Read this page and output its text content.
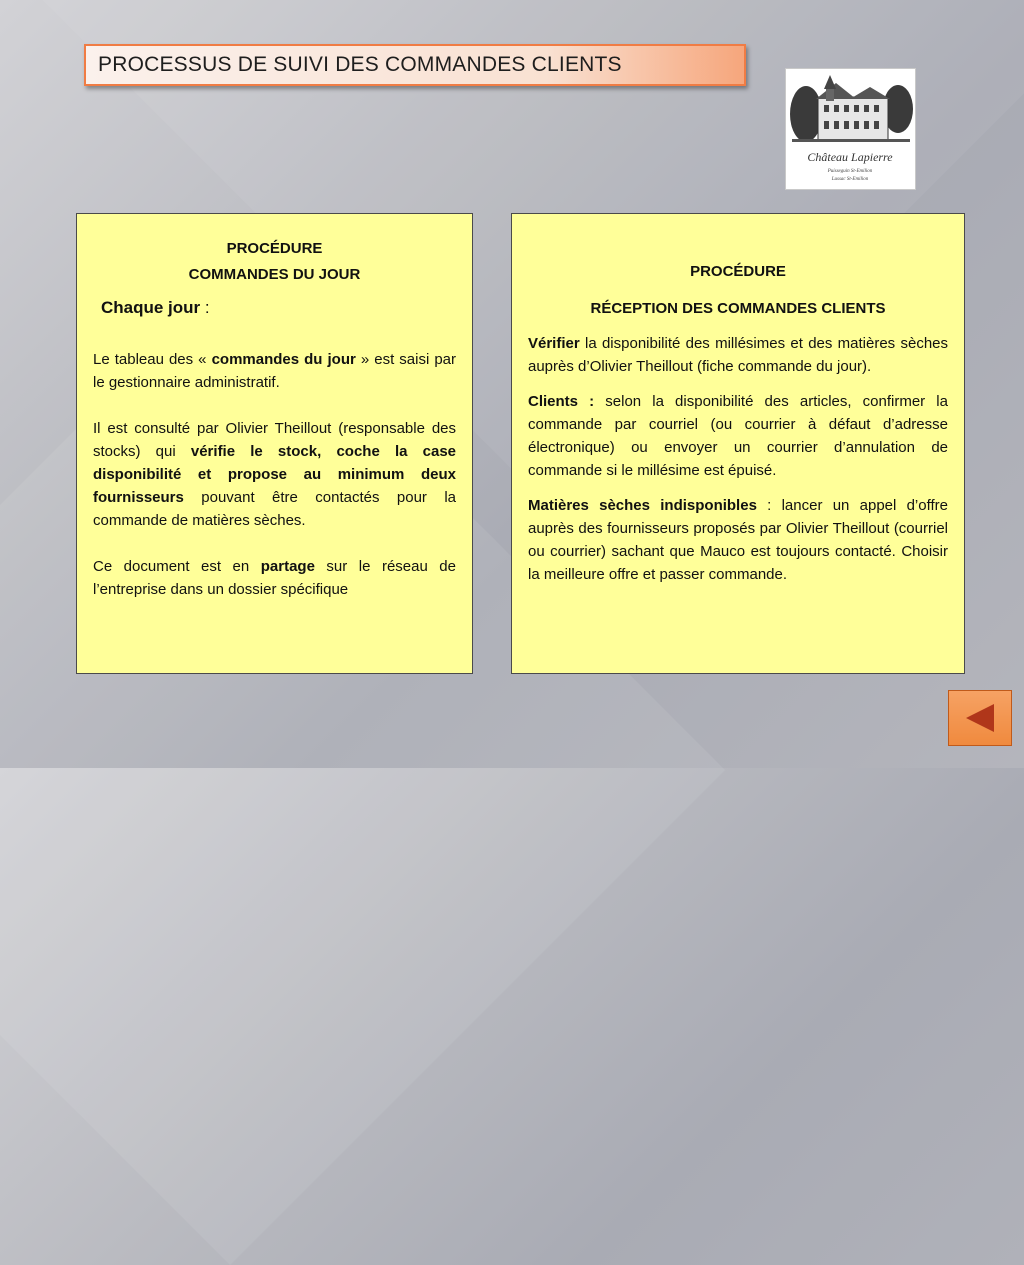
PROCESSUS DE SUIVI DES COMMANDES CLIENTS
Château Lapierre
Puisseguin St-Emilion
Lussac St-Emilion
PROCÉDURE
COMMANDES DU JOUR
Chaque jour :

Le tableau des « commandes du jour » est saisi par le gestionnaire administratif.

Il est consulté par Olivier Theillout (responsable des stocks) qui vérifie le stock, coche la case disponibilité et propose au minimum deux fournisseurs pouvant être contactés pour la commande de matières sèches.

Ce document est en partage sur le réseau de l’entreprise dans un dossier spécifique

PROCÉDURE
RÉCEPTION DES COMMANDES CLIENTS

Vérifier la disponibilité des millésimes et des matières sèches auprès d’Olivier Theillout (fiche commande du jour).

Clients : selon la disponibilité des articles, confirmer la commande par courriel (ou courrier à défaut d’adresse électronique) ou envoyer un courrier d’annulation de commande si le millésime est épuisé.

Matières sèches indisponibles : lancer un appel d’offre auprès des fournisseurs proposés par Olivier Theillout (courriel ou courrier) sachant que Mauco est toujours contacté. Choisir la meilleure offre et passer commande.
